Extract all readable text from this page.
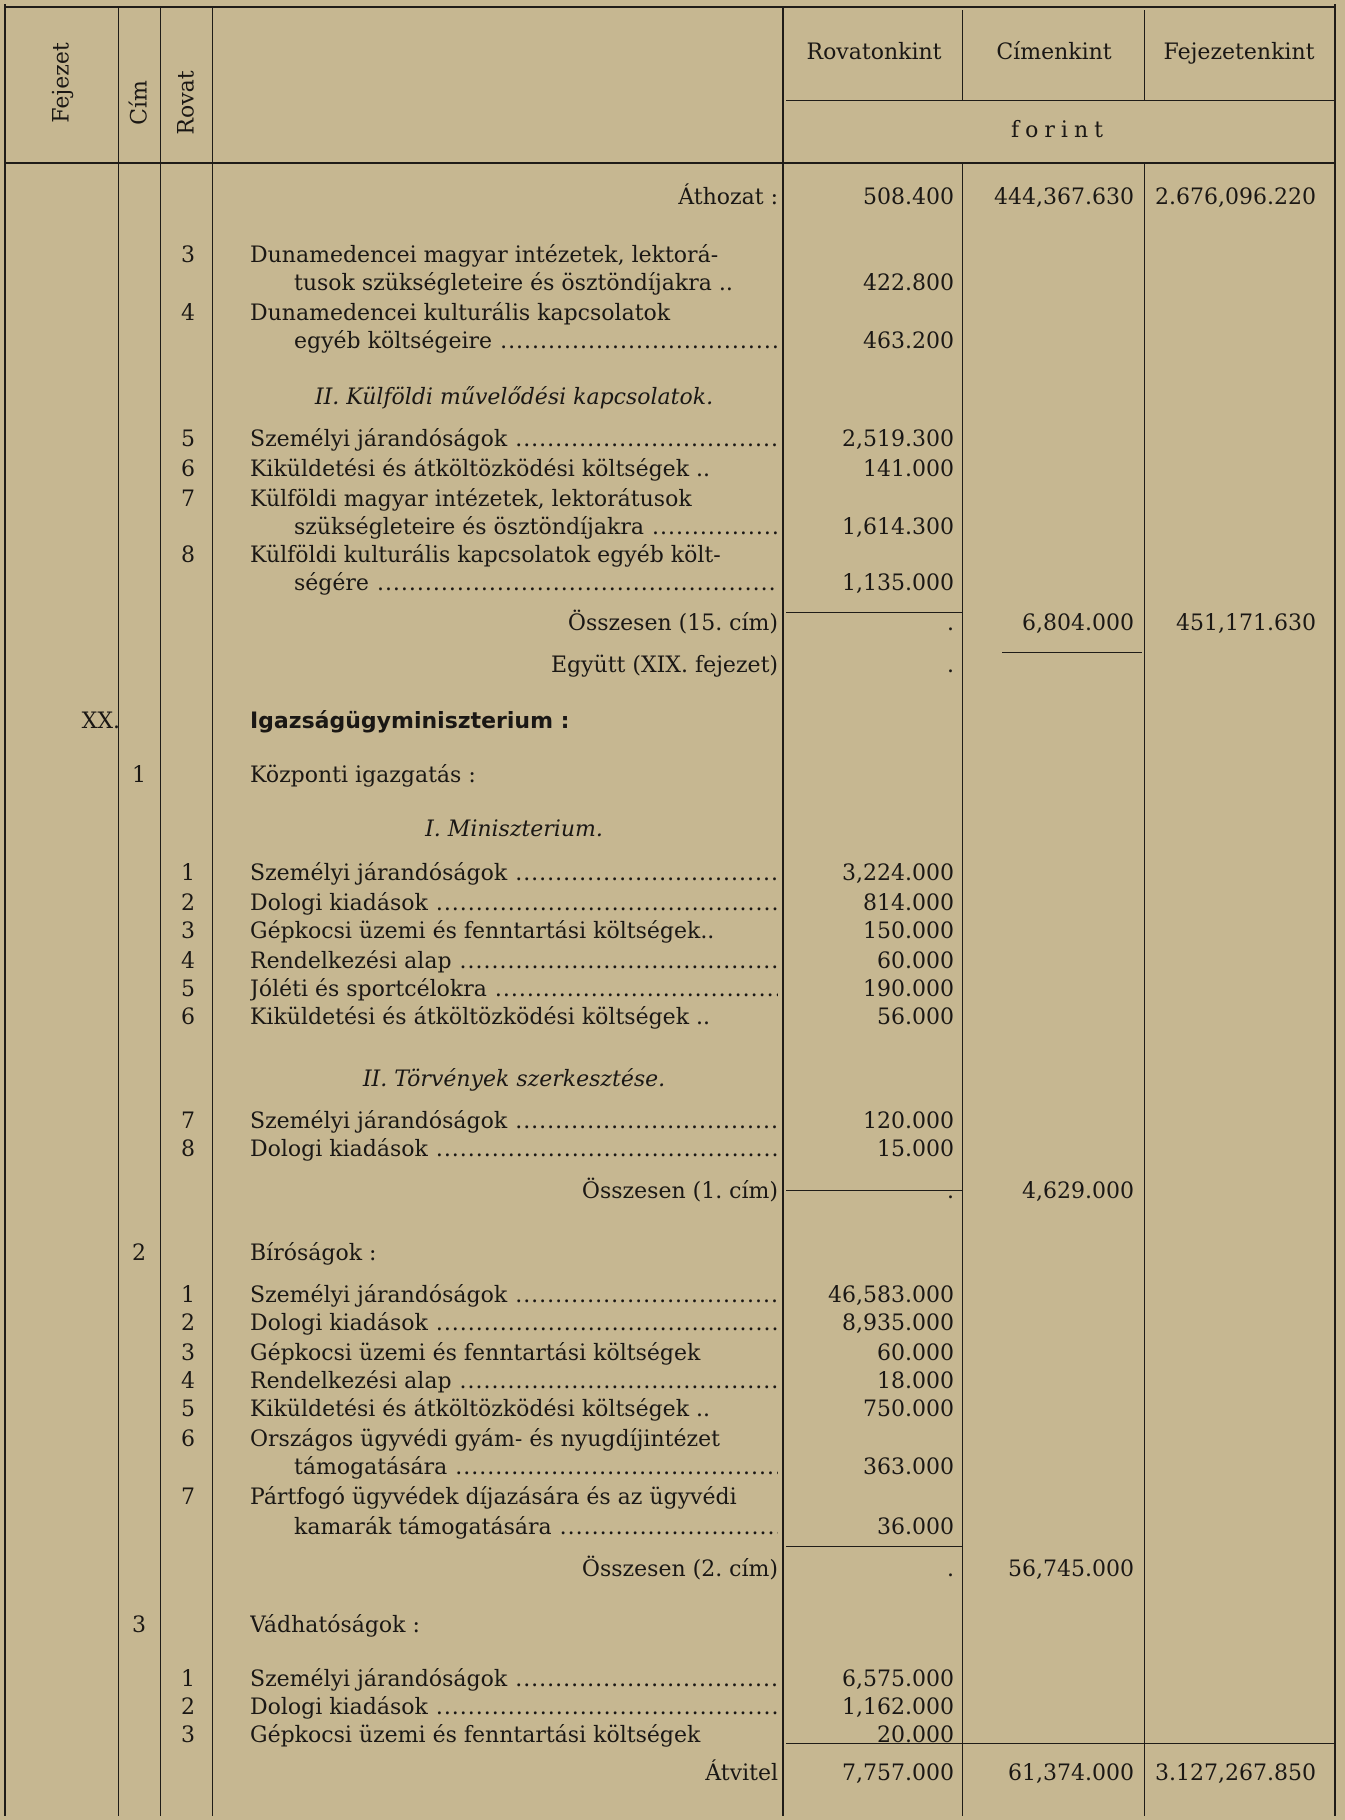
Fejezet Cím Rovat
Rovatonkint	Címenkint	Fejezetenkint
forint
Áthozat :	508.400	444,367.630 2.676,096.220
3	Dunamedencei magyar intézetek, lektorá-
tusok szükségleteire és ösztöndíjakra ..	422.800
4	Dunamedencei kulturális kapcsolatok
egyéb költségeire .....	463.200
II. Külföldi művelődési kapcsolatok.
5	Személyi járandóságok .....	2,519.300
6	Kiküldetési és átköltözködési költségek ..	141.000
7	Külföldi magyar intézetek, lektorátusok
szükségleteire és ösztöndíjakra .....	1,614.300
8	Külföldi kulturális kapcsolatok egyéb költ-
ségére .....	1,135.000
Összesen (15. cím)	.	6,804.000	451,171.630
Együtt (XIX. fejezet)	.
XX.	Igazságügyminiszterium :
1	Központi igazgatás :
I. Miniszterium.
1	Személyi járandóságok .....	3,224.000
2	Dologi kiadások .....	814.000
3	Gépkocsi üzemi és fenntartási költségek..	150.000
4	Rendelkezési alap .....	60.000
5	Jóléti és sportcélokra .....	190.000
6	Kiküldetési és átköltözködési költségek ..	56.000
II. Törvények szerkesztése.
7	Személyi járandóságok .....	120.000
8	Dologi kiadások .....	15.000
Összesen (1. cím)	.	4,629.000
2	Bíróságok :
1	Személyi járandóságok .....	46,583.000
2	Dologi kiadások .....	8,935.000
3	Gépkocsi üzemi és fenntartási költségek	60.000
4	Rendelkezési alap .....	18.000
5	Kiküldetési és átköltözködési költségek ..	750.000
6	Országos ügyvédi gyám- és nyugdíjintézet
támogatására .....	363.000
7	Pártfogó ügyvédek díjazására és az ügyvédi
kamarák támogatására .....	36.000
Összesen (2. cím)	.	56,745.000
3	Vádhatóságok :
1	Személyi járandóságok .....	6,575.000
2	Dologi kiadások .....	1,162.000
3	Gépkocsi üzemi és fenntartási költségek	20.000
Átvitel	7,757.000	61,374.000 3.127,267.850
